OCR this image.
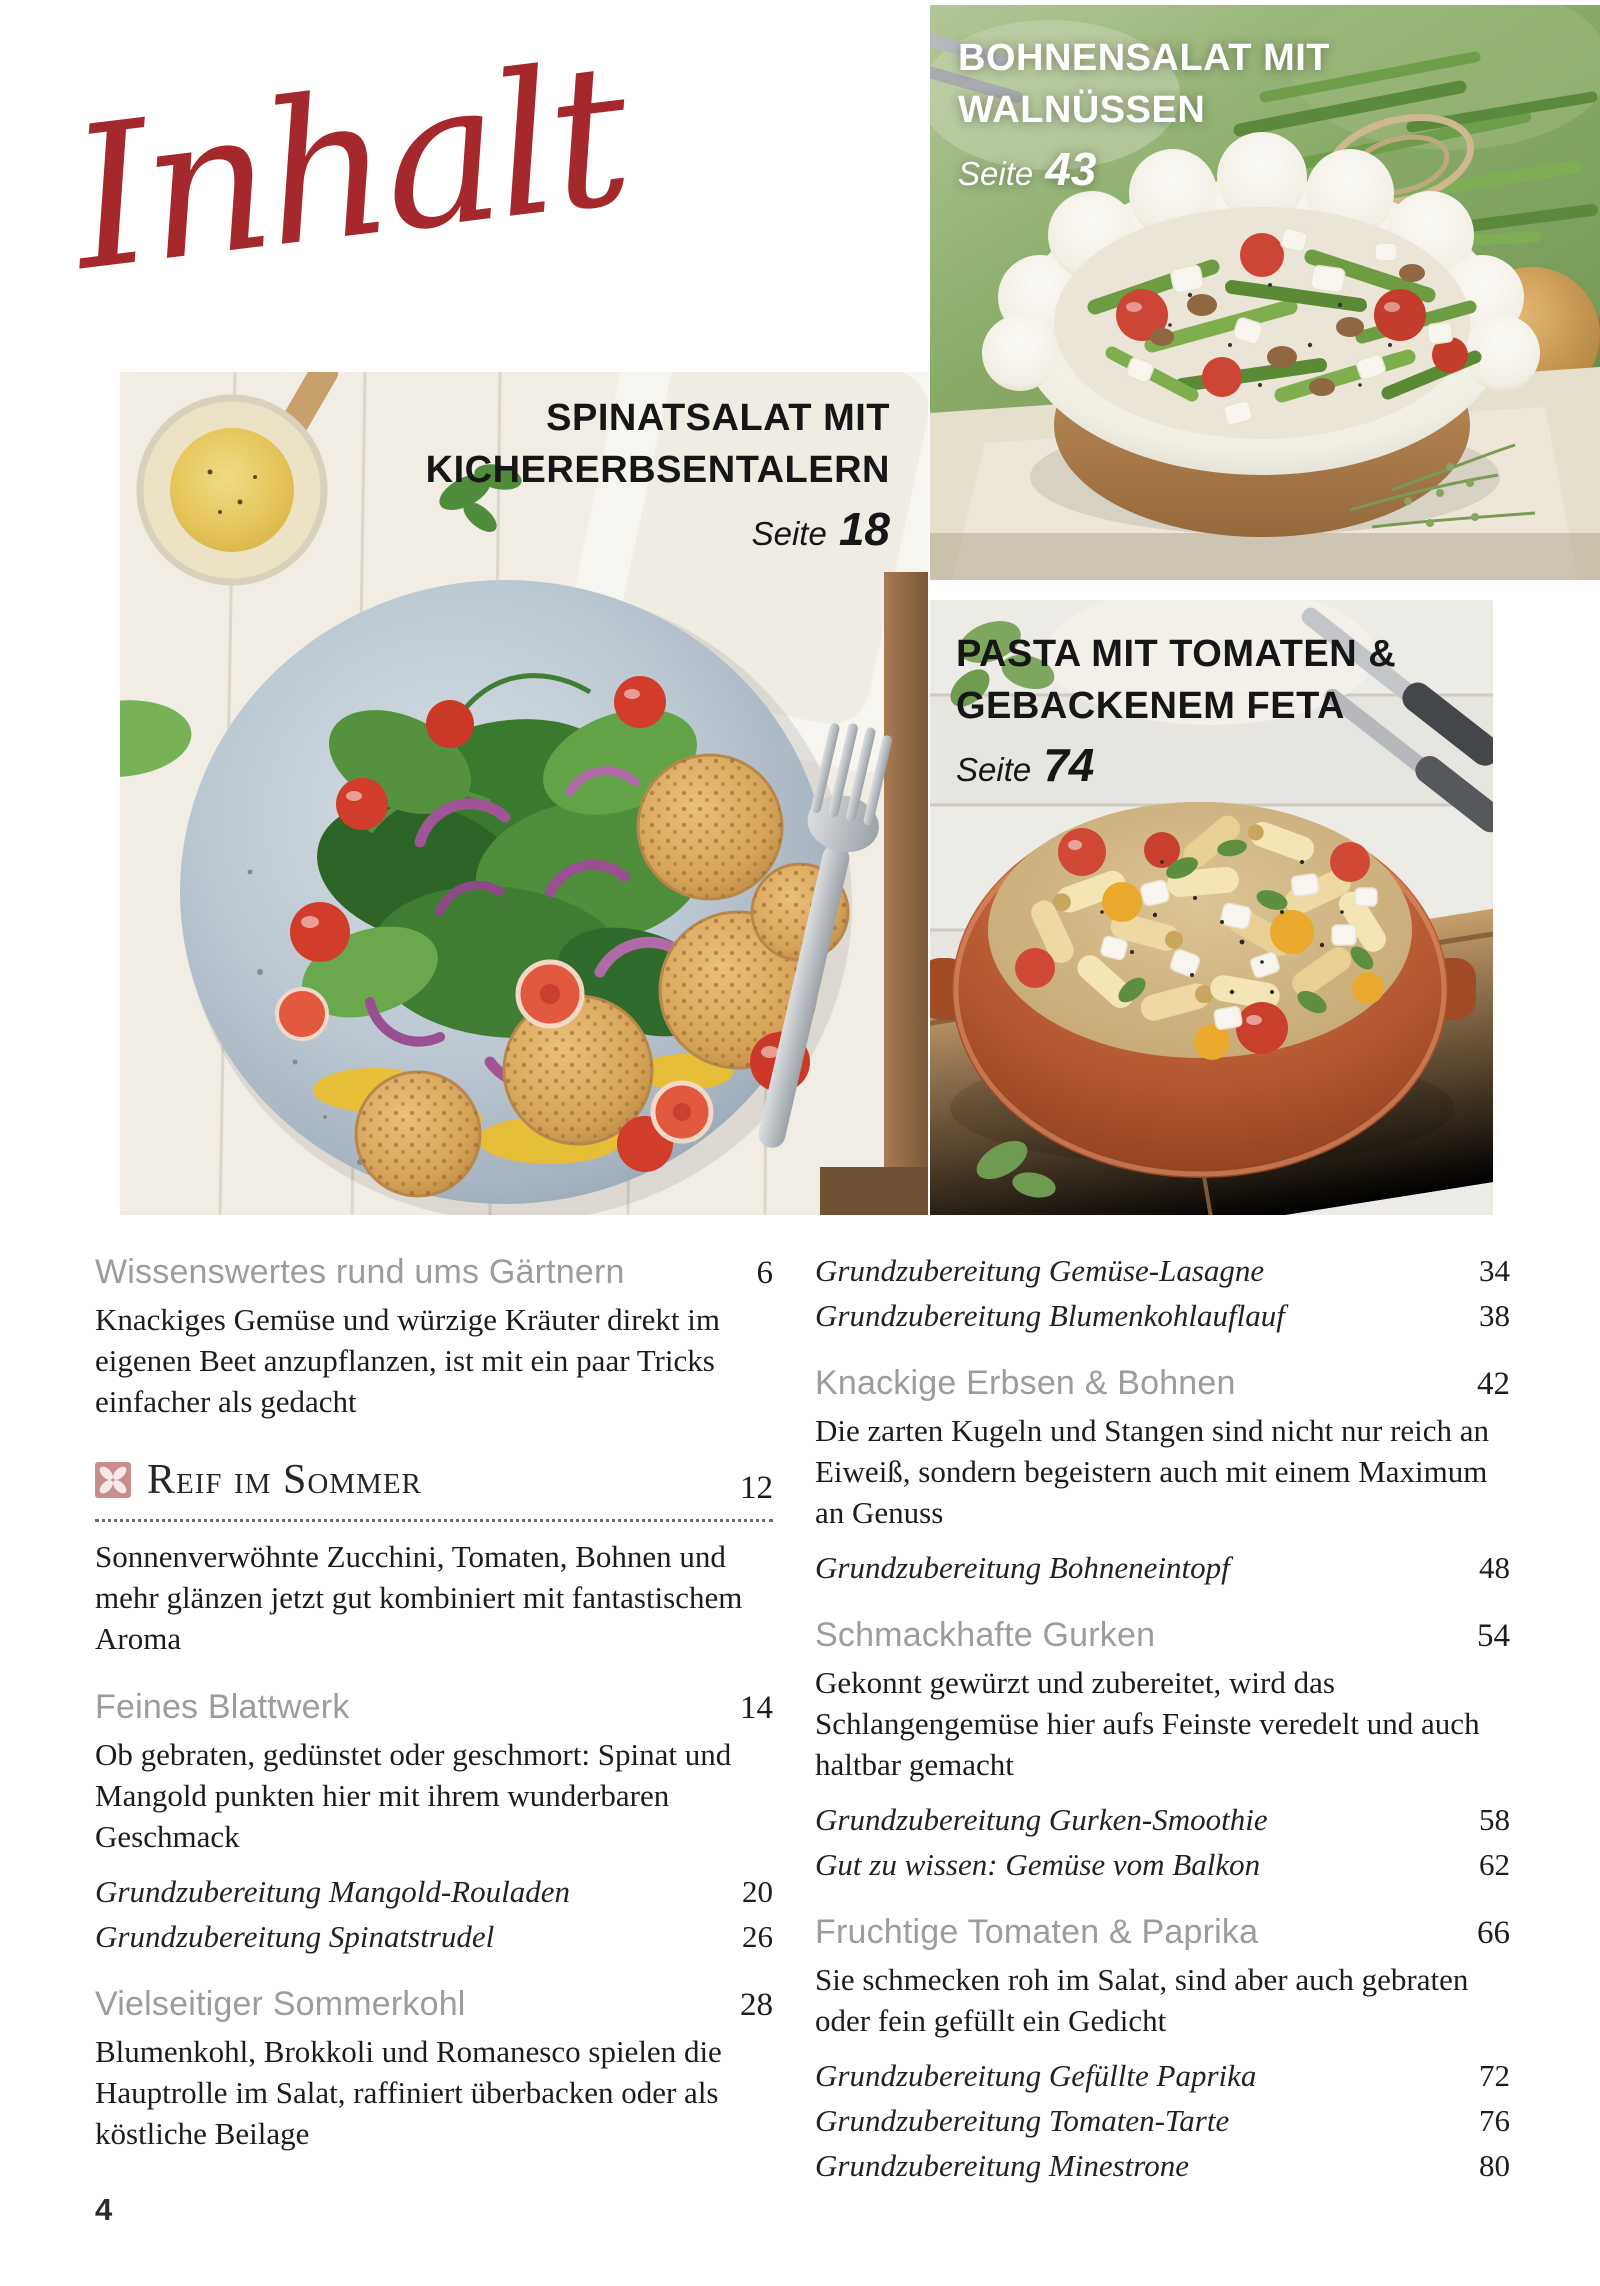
Inhalt	BOHNENSALAT MIT
WALNÜSSEN
Seite 43
SPINATSALAT MIT
KICHERERBSENTALERN
Seite 18
PASTA MIT TOMATEN &
GEBACKENEM FETA
Seite 74
Wissenswertes rund ums Gärtnern	6
Knackiges Gemüse und würzige Kräuter direkt im eigenen Beet anzupflanzen, ist mit ein paar Tricks einfacher als gedacht
Reif im Sommer	12
Sonnenverwöhnte Zucchini, Tomaten, Bohnen und mehr glänzen jetzt gut kombiniert mit fantastischem Aroma
Feines Blattwerk	14
Ob gebraten, gedünstet oder geschmort: Spinat und Mangold punkten hier mit ihrem wunderbaren Geschmack
Grundzubereitung Mangold-Rouladen	20
Grundzubereitung Spinatstrudel	26
Vielseitiger Sommerkohl	28
Blumenkohl, Brokkoli und Romanesco spielen die Hauptrolle im Salat, raffiniert überbacken oder als köstliche Beilage
Grundzubereitung Gemüse-Lasagne	34
Grundzubereitung Blumenkohlauflauf	38
Knackige Erbsen & Bohnen	42
Die zarten Kugeln und Stangen sind nicht nur reich an Eiweiß, sondern begeistern auch mit einem Maximum an Genuss
Grundzubereitung Bohneneintopf	48
Schmackhafte Gurken	54
Gekonnt gewürzt und zubereitet, wird das Schlangengemüse hier aufs Feinste veredelt und auch haltbar gemacht
Grundzubereitung Gurken-Smoothie	58
Gut zu wissen: Gemüse vom Balkon	62
Fruchtige Tomaten & Paprika	66
Sie schmecken roh im Salat, sind aber auch gebraten oder fein gefüllt ein Gedicht
Grundzubereitung Gefüllte Paprika	72
Grundzubereitung Tomaten-Tarte	76
Grundzubereitung Minestrone	80
4
